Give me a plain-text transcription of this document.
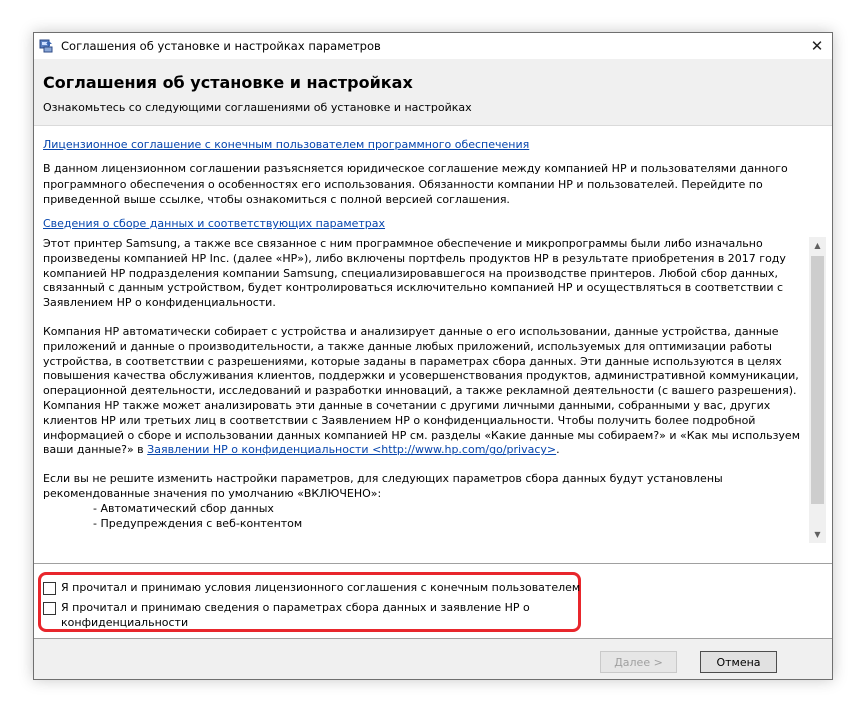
Соглашения об установке и настройках параметров	✕
Соглашения об установке и настройках
Ознакомьтесь со следующими соглашениями об установке и настройках
Лицензионное соглашение с конечным пользователем программного обеспечения
В данном лицензионном соглашении разъясняется юридическое соглашение между компанией HP и пользователями данного программного обеспечения о особенностях его использования. Обязанности компании HP и пользователей. Перейдите по приведенной выше ссылке, чтобы ознакомиться с полной версией соглашения.
Сведения о сборе данных и соответствующих параметрах

Этот принтер Samsung, а также все связанное с ним программное обеспечение и микропрограммы были либо изначально произведены компанией HP Inc. (далее «HP»), либо включены портфель продуктов HP в результате приобретения в 2017 году компанией HP подразделения компании Samsung, специализировавшегося на производстве принтеров. Любой сбор данных, связанный с данным устройством, будет контролироваться исключительно компанией HP и осуществляться в соответствии с Заявлением HP о конфиденциальности.

Компания HP автоматически собирает с устройства и анализирует данные о его использовании, данные устройства, данные приложений и данные о производительности, а также данные любых приложений, используемых для оптимизации работы устройства, в соответствии с разрешениями, которые заданы в параметрах сбора данных. Эти данные используются в целях повышения качества обслуживания клиентов, поддержки и усовершенствования продуктов, административной коммуникации, операционной деятельности, исследований и разработки инноваций, а также рекламной деятельности (с вашего разрешения). Компания HP также может анализировать эти данные в сочетании с другими личными данными, собранными у вас, других клиентов HP или третьих лиц в соответствии с Заявлением HP о конфиденциальности. Чтобы получить более подробной информацией о сборе и использовании данных компанией HP см. разделы «Какие данные мы собираем?» и «Как мы используем ваши данные?» в Заявлении HP о конфиденциальности <http://www.hp.com/go/privacy>.

Если вы не решите изменить настройки параметров, для следующих параметров сбора данных будут установлены рекомендованные значения по умолчанию «ВКЛЮЧЕНО»:

- Автоматический сбор данных
- Предупреждения с веб-контентом
▲
▼
Я прочитал и принимаю условия лицензионного соглашения с конечным пользователем
Я прочитал и принимаю сведения о параметрах сбора данных и заявление HP о конфиденциальности
Далее >	Отмена
